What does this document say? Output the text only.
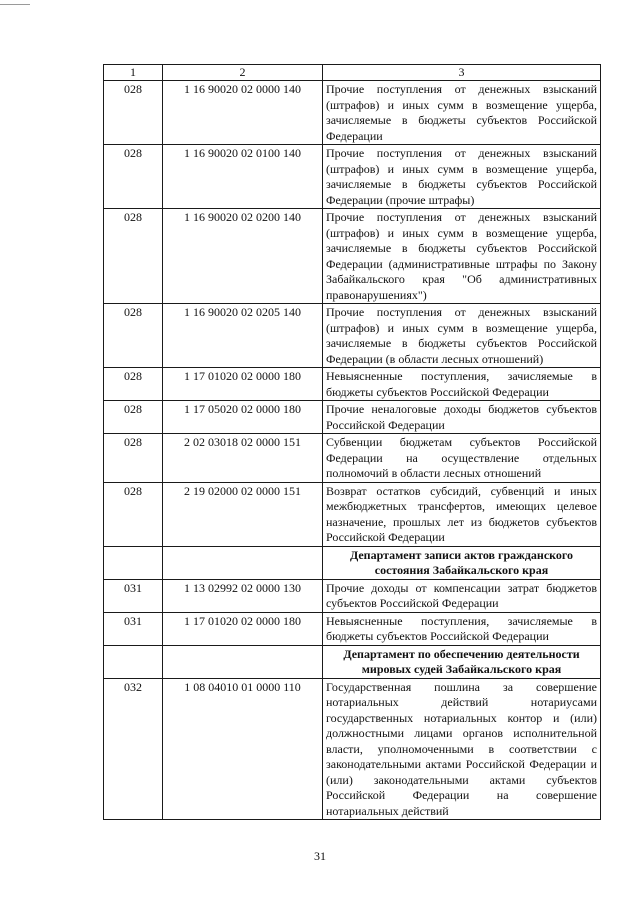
1	2	3
028	1 16 90020 02 0000 140	Прочие поступления от денежных взысканий (штрафов) и иных сумм в возмещение ущерба, зачисляемые в бюджеты субъектов Российской Федерации
028	1 16 90020 02 0100 140	Прочие поступления от денежных взысканий (штрафов) и иных сумм в возмещение ущерба, зачисляемые в бюджеты субъектов Российской Федерации (прочие штрафы)
028	1 16 90020 02 0200 140	Прочие поступления от денежных взысканий (штрафов) и иных сумм в возмещение ущерба, зачисляемые в бюджеты субъектов Российской Федерации (административные штрафы по Закону Забайкальского края "Об административных правонарушениях")
028	1 16 90020 02 0205 140	Прочие поступления от денежных взысканий (штрафов) и иных сумм в возмещение ущерба, зачисляемые в бюджеты субъектов Российской Федерации (в области лесных отношений)
028	1 17 01020 02 0000 180	Невыясненные поступления, зачисляемые в бюджеты субъектов Российской Федерации
028	1 17 05020 02 0000 180	Прочие неналоговые доходы бюджетов субъектов Российской Федерации
028	2 02 03018 02 0000 151	Субвенции бюджетам субъектов Российской Федерации на осуществление отдельных полномочий в области лесных отношений
028	2 19 02000 02 0000 151	Возврат остатков субсидий, субвенций и иных межбюджетных трансфертов, имеющих целевое назначение, прошлых лет из бюджетов субъектов Российской Федерации
		Департамент записи актов гражданского состояния Забайкальского края
031	1 13 02992 02 0000 130	Прочие доходы от компенсации затрат бюджетов субъектов Российской Федерации
031	1 17 01020 02 0000 180	Невыясненные поступления, зачисляемые в бюджеты субъектов Российской Федерации
		Департамент по обеспечению деятельности мировых судей Забайкальского края
032	1 08 04010 01 0000 110	Государственная пошлина за совершение нотариальных действий нотариусами государственных нотариальных контор и (или) должностными лицами органов исполнительной власти, уполномоченными в соответствии с законодательными актами Российской Федерации и (или) законодательными актами субъектов Российской Федерации на совершение нотариальных действий
31
